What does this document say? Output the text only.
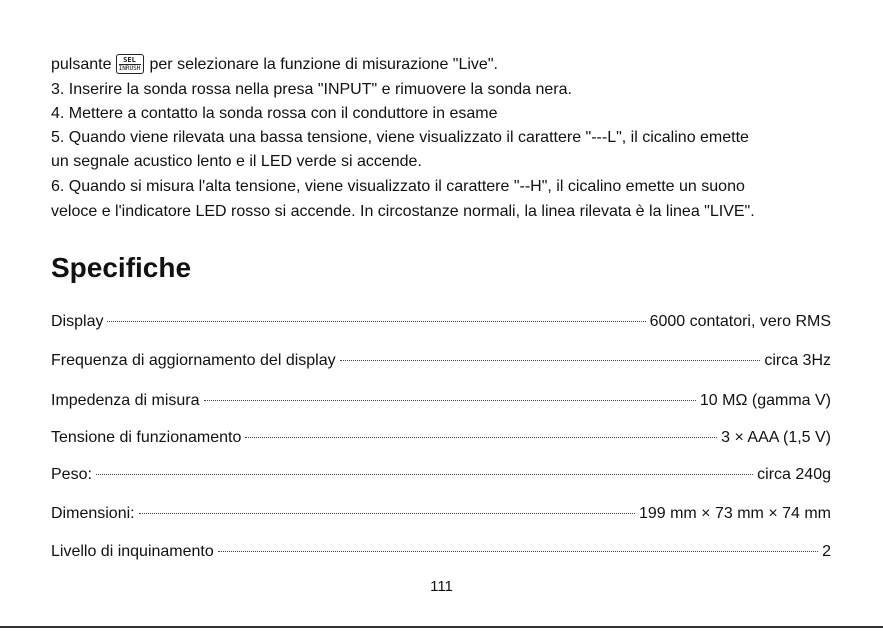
pulsante	SEL
INRUSH per selezionare la funzione di misurazione "Live".
3. Inserire la sonda rossa nella presa "INPUT" e rimuovere la sonda nera.
4. Mettere a contatto la sonda rossa con il conduttore in esame
5. Quando viene rilevata una bassa tensione, viene visualizzato il carattere "---L", il cicalino emette
un segnale acustico lento e il LED verde si accende.
6. Quando si misura l'alta tensione, viene visualizzato il carattere "--H", il cicalino emette un suono
veloce e l'indicatore LED rosso si accende. In circostanze normali, la linea rilevata è la linea "LIVE".
Specifiche
Display	6000 contatori, vero RMS
Frequenza di aggiornamento del display	circa 3Hz
Impedenza di misura	10 MΩ (gamma V)
Tensione di funzionamento	3 × AAA (1,5 V)
Peso:	circa 240g
Dimensioni:	199 mm × 73 mm × 74 mm
Livello di inquinamento	2
111
